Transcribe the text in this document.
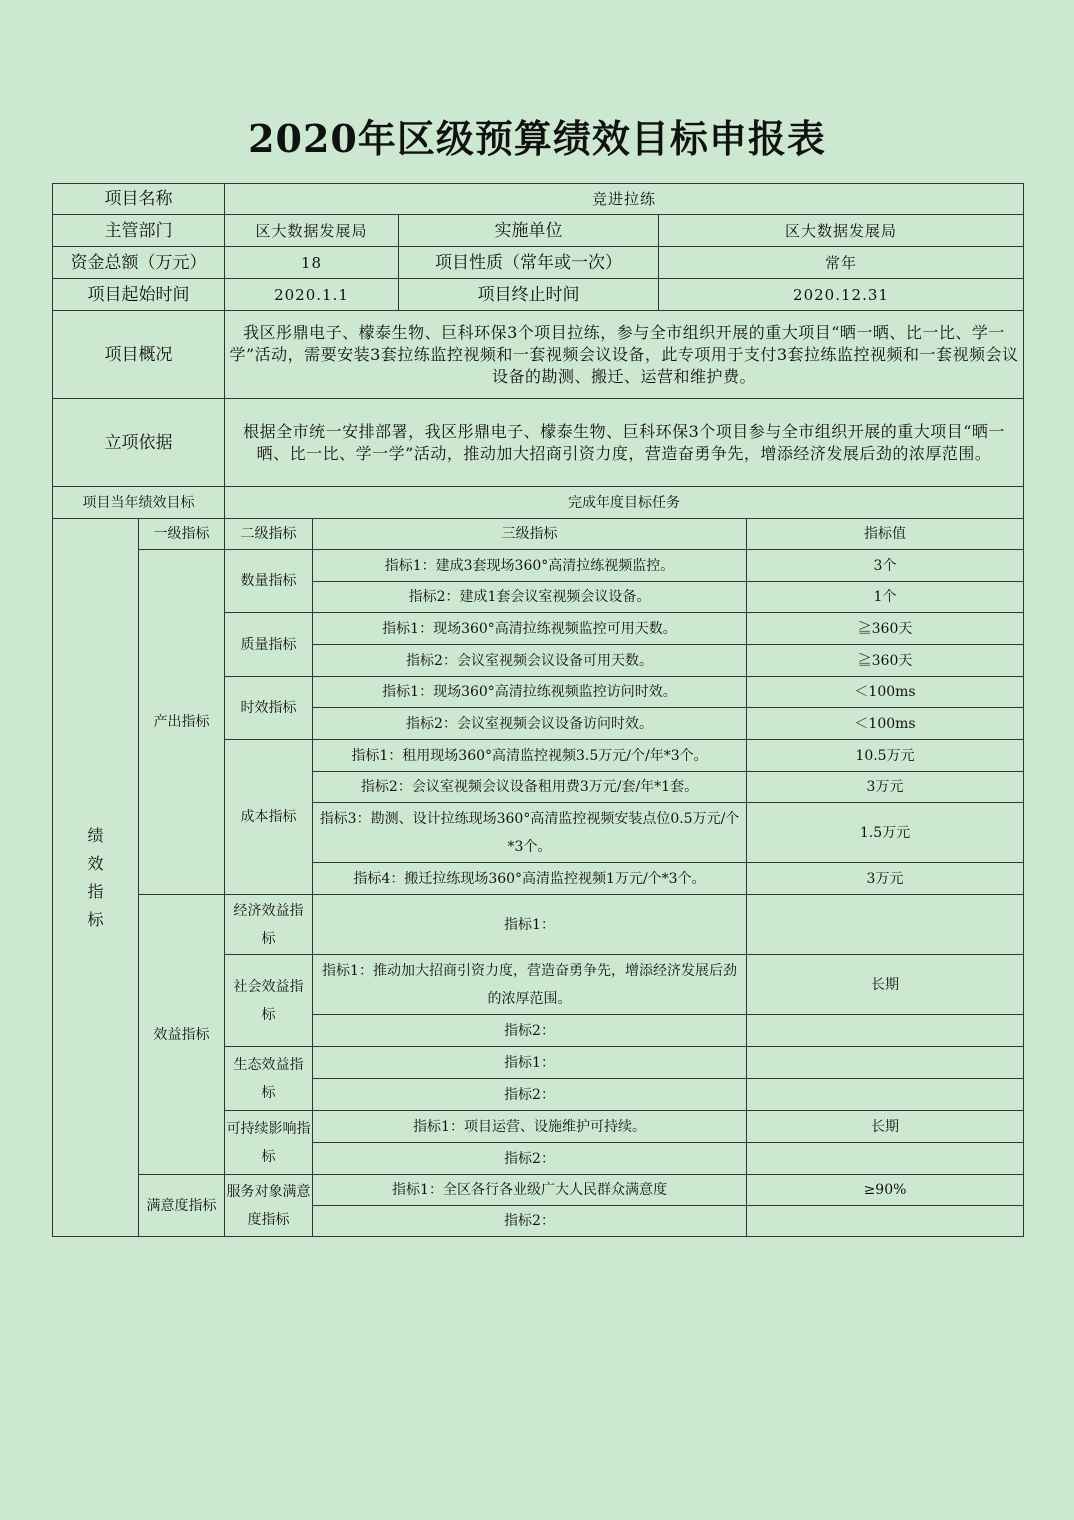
2020年区级预算绩效目标申报表
项目名称		竞进拉练				
主管部门		区大数据发展局		实施单位	区大数据发展局	
资金总额（万元）		18		项目性质（常年或一次）	常年	
项目起始时间		2020.1.1		项目终止时间	2020.12.31	
项目概况		我区彤鼎电子、檬泰生物、巨科环保3个项目拉练，参与全市组织开展的重大项目“晒一晒、比一比、学一学”活动，需要安装3套拉练监控视频和一套视频会议设备，此专项用于支付3套拉练监控视频和一套视频会议设备的勘测、搬迁、运营和维护费。				
立项依据		根据全市统一安排部署，我区彤鼎电子、檬泰生物、巨科环保3个项目参与全市组织开展的重大项目“晒一晒、比一比、学一学”活动，推动加大招商引资力度，营造奋勇争先，增添经济发展后劲的浓厚范围。				
项目当年绩效目标		完成年度目标任务				

绩效指标	一级指标	二级指标	三级指标			指标值
	产出指标	数量指标	指标1：建成3套现场360°高清拉练视频监控。			3个
			指标2：建成1套会议室视频会议设备。			1个
		质量指标	指标1：现场360°高清拉练视频监控可用天数。			≧360天
			指标2：会议室视频会议设备可用天数。			≧360天
		时效指标	指标1：现场360°高清拉练视频监控访问时效。			＜100ms
			指标2：会议室视频会议设备访问时效。			＜100ms
		成本指标	指标1：租用现场360°高清监控视频3.5万元/个/年*3个。			10.5万元
			指标2：会议室视频会议设备租用费3万元/套/年*1套。			3万元
			指标3：勘测、设计拉练现场360°高清监控视频安装点位0.5万元/个*3个。			1.5万元
			指标4：搬迁拉练现场360°高清监控视频1万元/个*3个。			3万元
	效益指标	经济效益指标	指标1：			

		社会效益指标	指标1：推动加大招商引资力度，营造奋勇争先，增添经济发展后劲的浓厚范围。			长期
			指标2：			

		生态效益指标	指标1：			
			指标2：			

		可持续影响指标	指标1：项目运营、设施维护可持续。			长期
			指标2：			
	满意度指标	服务对象满意度指标	指标1：全区各行各业级广大人民群众满意度			≥90%
			指标2：			
